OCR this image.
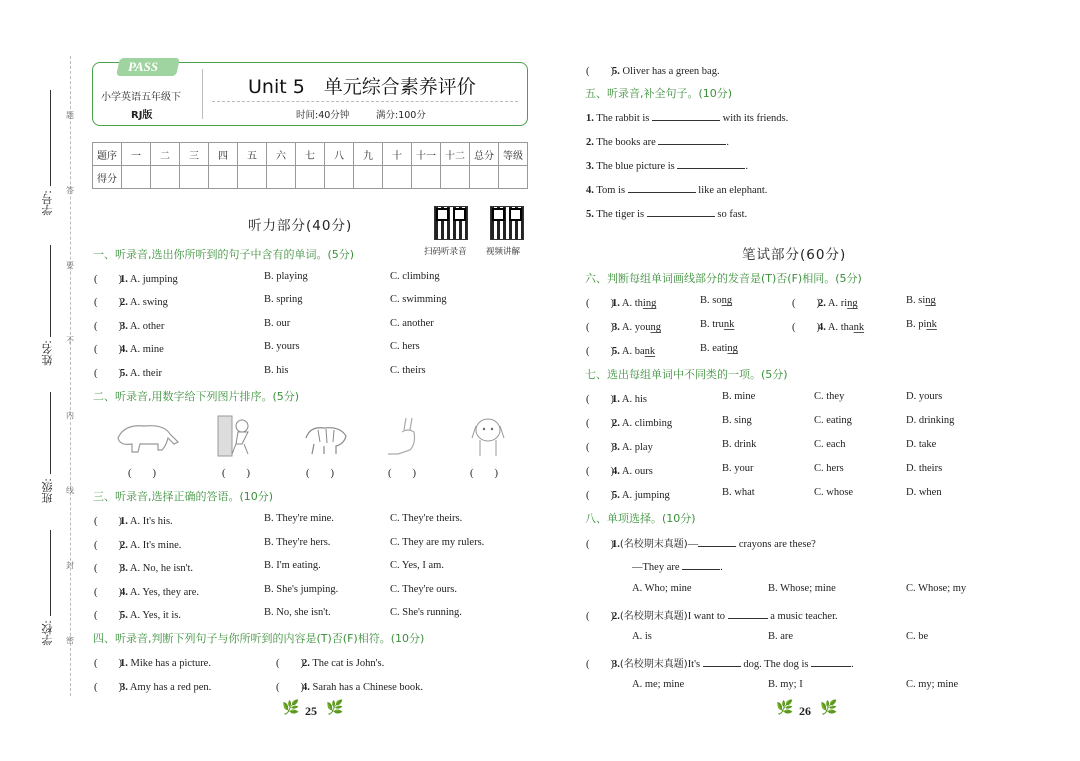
学号:
姓名:
班级:
学校:
题
答
要
不
内
线
封
密
PASS
小学英语五年级下
RJ版
Unit 5　单元综合素养评价
时间:40分钟	满分:100分
题序	一	二	三	四	五	六	七	八	九	十	十一	十二	总分	等级
得分														
听力部分(40分)
扫码听录音 视频讲解
一、听录音,选出你所听到的句子中含有的单词。(5分)
(　　)1. A. jumping	B. playing	C. climbing
(　　)2. A. swing	B. spring	C. swimming
(　　)3. A. other	B. our	C. another
(　　)4. A. mine	B. yours	C. hers
(　　)5. A. their	B. his	C. theirs
二、听录音,用数字给下列图片排序。(5分)
(　　)	(　　)	(　　)	(　　)	(　　)
三、听录音,选择正确的答语。(10分)
(　　)1. A. It's his.	B. They're mine.	C. They're theirs.
(　　)2. A. It's mine.	B. They're hers.	C. They are my rulers.
(　　)3. A. No, he isn't.	B. I'm eating.	C. Yes, I am.
(　　)4. A. Yes, they are.	B. She's jumping.	C. They're ours.
(　　)5. A. Yes, it is.	B. No, she isn't.	C. She's running.
四、听录音,判断下列句子与你所听到的内容是(T)否(F)相符。(10分)
(　　)1. Mike has a picture.	(　　)2. The cat is John's.
(　　)3. Amy has a red pen.	(　　)4. Sarah has a Chinese book.
🌿 25 🌿
(　　)5. Oliver has a green bag.
五、听录音,补全句子。(10分)
1. The rabbit is	with its friends.
2. The books are	.
3. The blue picture is	.
4. Tom is	like an elephant.
5. The tiger is	so fast.
笔试部分(60分)
六、判断每组单词画线部分的发音是(T)否(F)相同。(5分)
(　　)1. A. thing	B. song	(　　)2. A. ring	B. sing
(　　)3. A. young	B. trunk	(　　)4. A. thank	B. pink
(　　)5. A. bank	B. eating
七、选出每组单词中不同类的一项。(5分)
(　　)1. A. his	B. mine	C. they	D. yours
(　　)2. A. climbing	B. sing	C. eating	D. drinking
(　　)3. A. play	B. drink	C. each	D. take
(　　)4. A. ours	B. your	C. hers	D. theirs
(　　)5. A. jumping	B. what	C. whose	D. when
八、单项选择。(10分)
(　　)1.(名校期末真题)—	crayons are these?
—They are	.
A. Who; mine	B. Whose; mine	C. Whose; my
(　　)2.(名校期末真题)I want to	a music teacher.
A. is	B. are	C. be
(　　)3.(名校期末真题)It's	dog. The dog is	.
A. me; mine	B. my; I	C. my; mine
🌿 26 🌿
